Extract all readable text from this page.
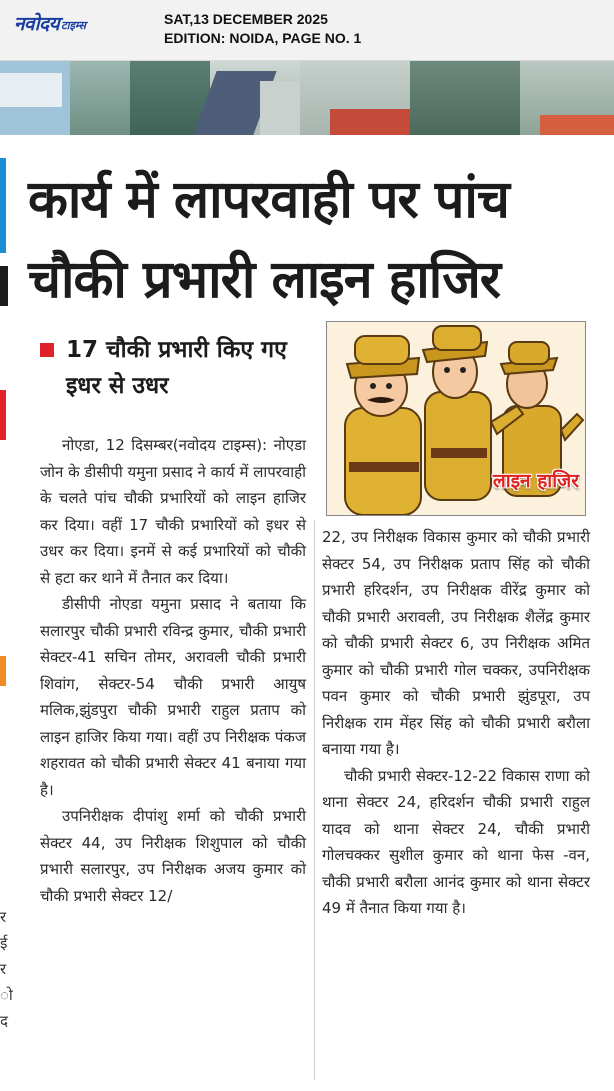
नवोदय टाइम्स	SAT,13 DECEMBER 2025
EDITION: NOIDA, PAGE NO. 1
र
ई
र
ो
द
कार्य में लापरवाही पर पांच
चौकी प्रभारी लाइन हाजिर
17 चौकी प्रभारी किए गए इधर से उधर
लाइन हाजिर

नोएडा, 12 दिसम्बर(नवोदय टाइम्स): नोएडा जोन के डीसीपी यमुना प्रसाद ने कार्य में लापरवाही के चलते पांच चौकी प्रभारियों को लाइन हाजिर कर दिया। वहीं 17 चौकी प्रभारियों को इधर से उधर कर दिया। इनमें से कई प्रभारियों को चौकी से हटा कर थाने में तैनात कर दिया।

डीसीपी नोएडा यमुना प्रसाद ने बताया कि सलारपुर चौकी प्रभारी रविन्द्र कुमार, चौकी प्रभारी सेक्टर-41 सचिन तोमर, अरावली चौकी प्रभारी शिवांग, सेक्टर-54 चौकी प्रभारी आयुष मलिक,झुंडपुरा चौकी प्रभारी राहुल प्रताप को लाइन हाजिर किया गया। वहीं उप निरीक्षक पंकज शहरावत को चौकी प्रभारी सेक्टर 41 बनाया गया है।

उपनिरीक्षक दीपांशु शर्मा को चौकी प्रभारी सेक्टर 44, उप निरीक्षक शिशुपाल को चौकी प्रभारी सलारपुर, उप निरीक्षक अजय कुमार को चौकी प्रभारी सेक्टर 12/

22, उप निरीक्षक विकास कुमार को चौकी प्रभारी सेक्टर 54, उप निरीक्षक प्रताप सिंह को चौकी प्रभारी हरिदर्शन, उप निरीक्षक वीरेंद्र कुमार को चौकी प्रभारी अरावली, उप निरीक्षक शैलेंद्र कुमार को चौकी प्रभारी सेक्टर 6, उप निरीक्षक अमित कुमार को चौकी प्रभारी गोल चक्कर, उपनिरीक्षक पवन कुमार को चौकी प्रभारी झुंडपूरा, उप निरीक्षक राम मेंहर सिंह को चौकी प्रभारी बरौला बनाया गया है।

चौकी प्रभारी सेक्टर-12-22 विकास राणा को थाना सेक्टर 24, हरिदर्शन चौकी प्रभारी राहुल यादव को थाना सेक्टर 24, चौकी प्रभारी गोलचक्कर सुशील कुमार को थाना फेस -वन, चौकी प्रभारी बरौला आनंद कुमार को थाना सेक्टर 49 में तैनात किया गया है।
